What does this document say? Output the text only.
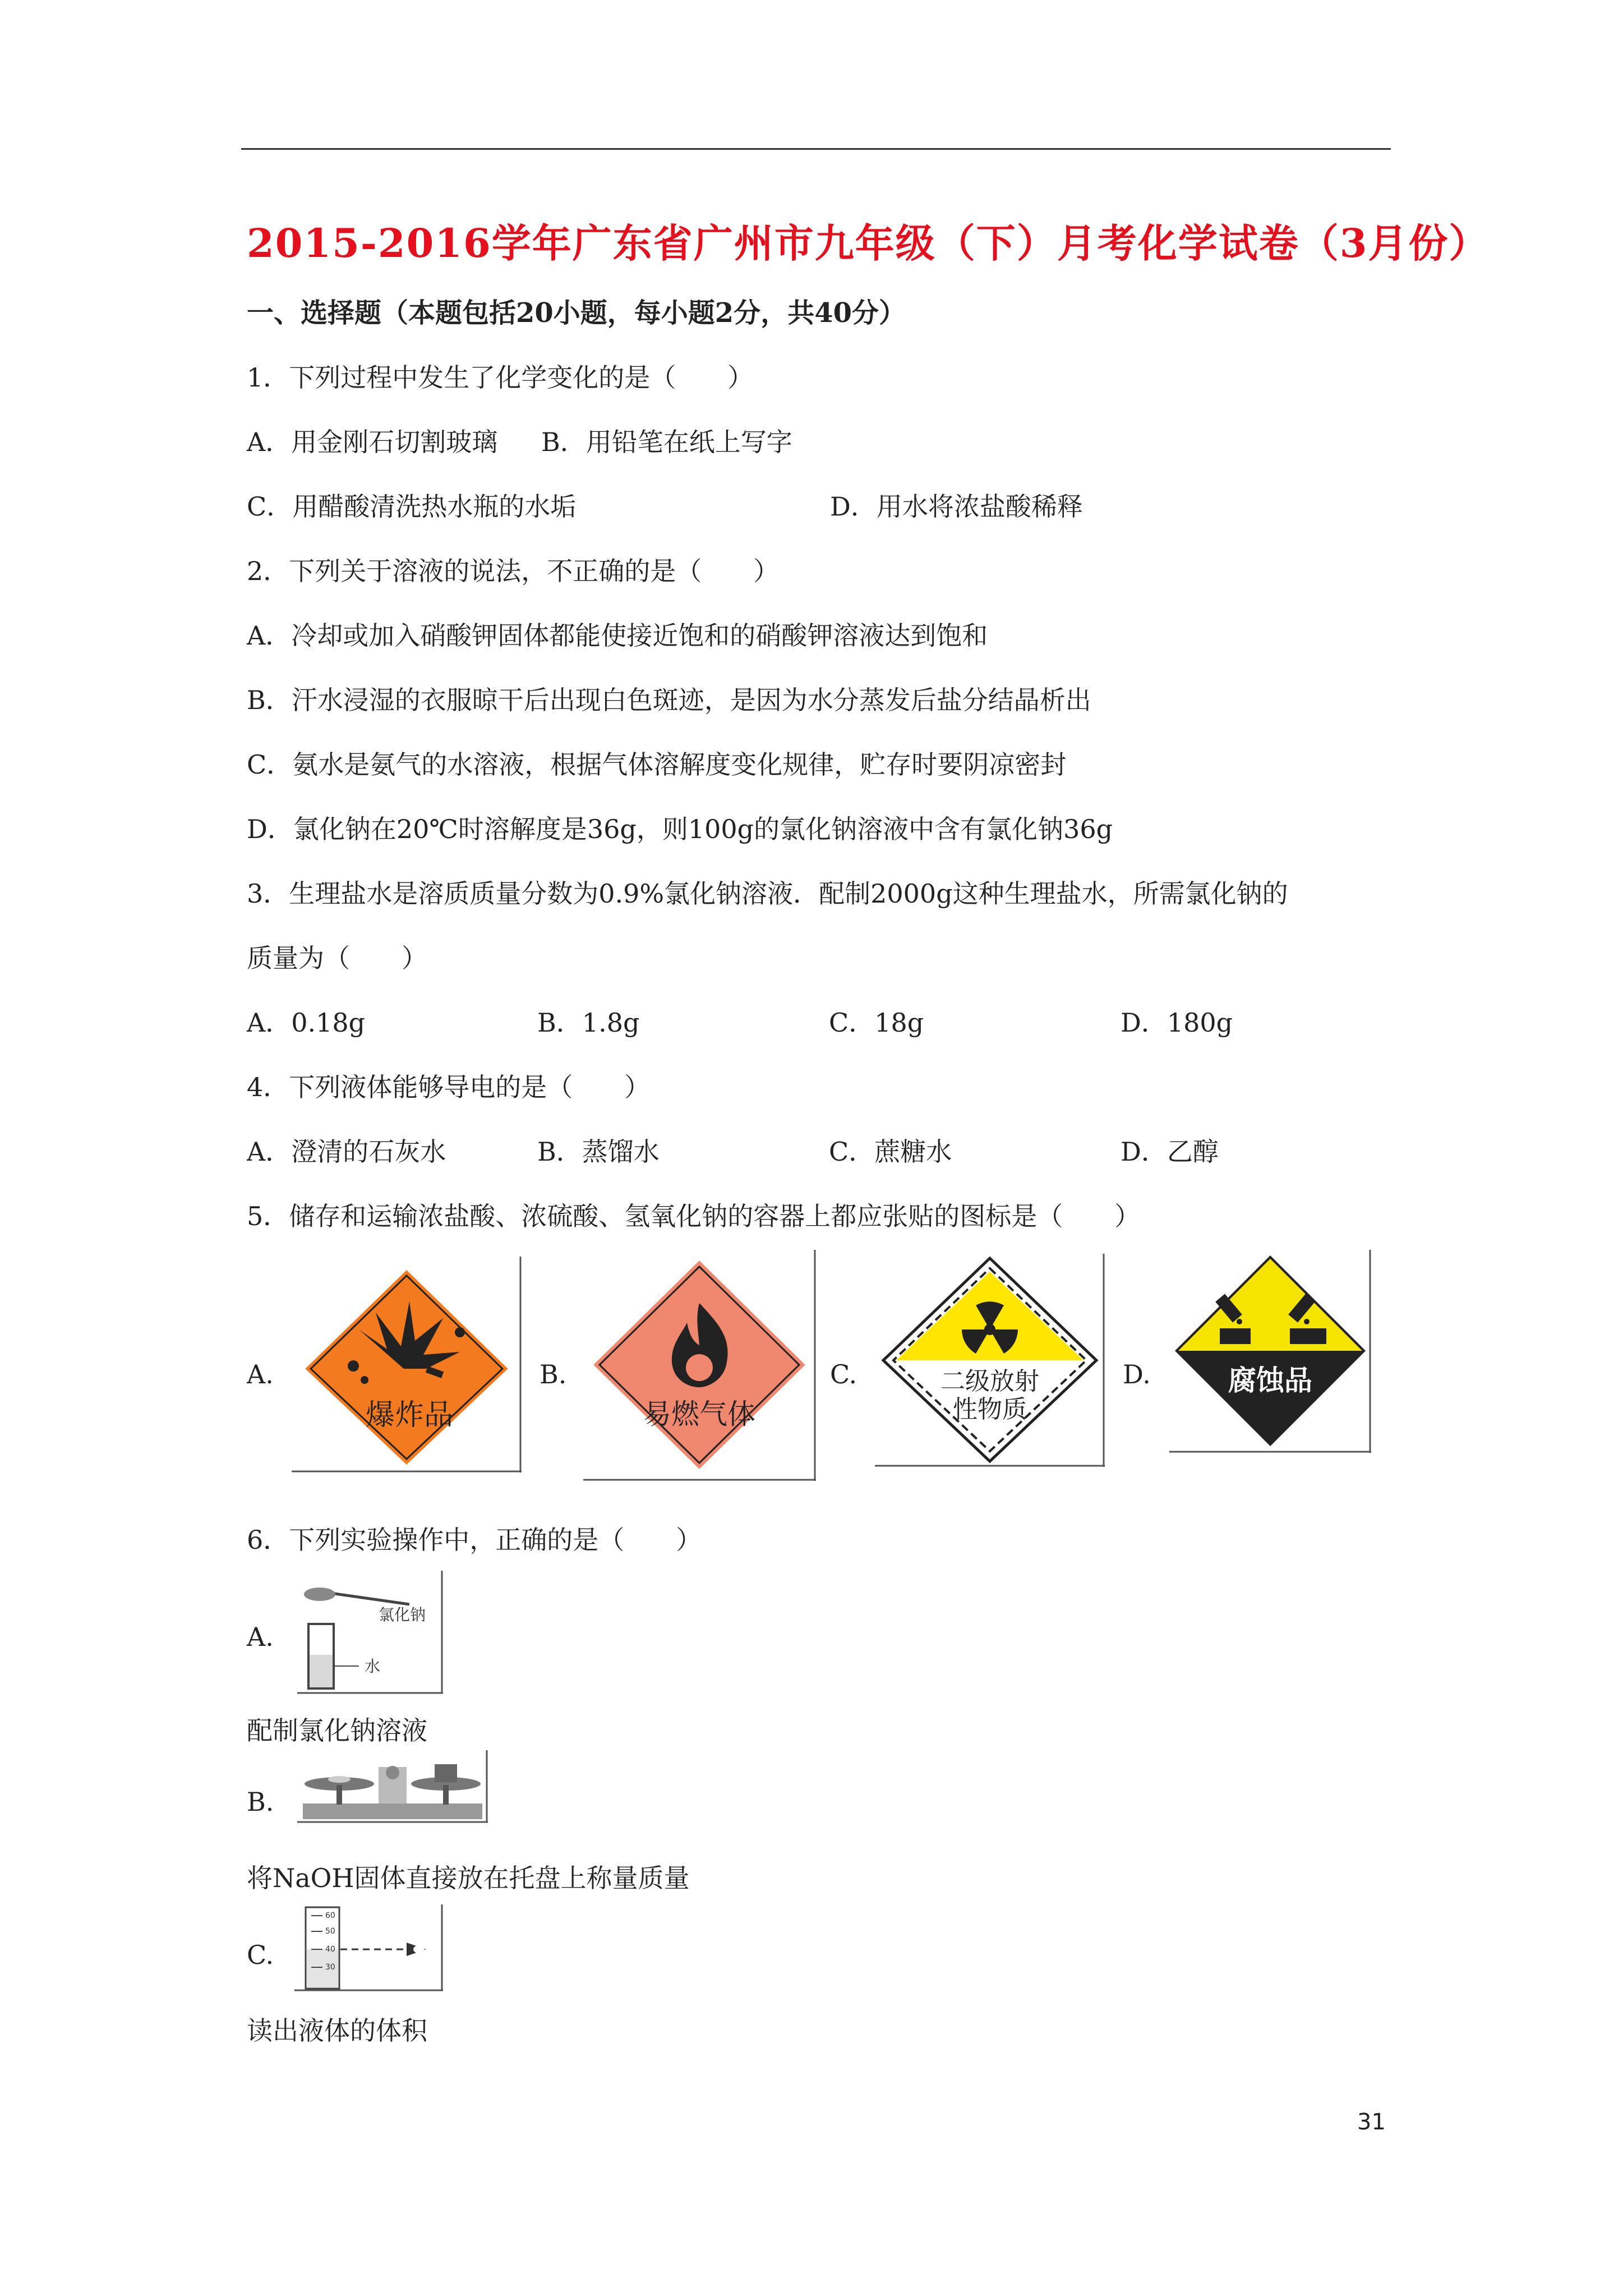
2015-2016学年广东省广州市九年级（下）月考化学试卷（3月份）
一、选择题（本题包括20小题，每小题2分，共40分）
1．下列过程中发生了化学变化的是（　　）
A．用金刚石切割玻璃 B．用铅笔在纸上写字
C．用醋酸清洗热水瓶的水垢	D．用水将浓盐酸稀释
2．下列关于溶液的说法，不正确的是（　　）
A．冷却或加入硝酸钾固体都能使接近饱和的硝酸钾溶液达到饱和
B．汗水浸湿的衣服晾干后出现白色斑迹，是因为水分蒸发后盐分结晶析出
C．氨水是氨气的水溶液，根据气体溶解度变化规律，贮存时要阴凉密封
D．氯化钠在20℃时溶解度是36g，则100g的氯化钠溶液中含有氯化钠36g
3．生理盐水是溶质质量分数为0.9%氯化钠溶液．配制2000g这种生理盐水，所需氯化钠的
质量为（　　）
A．0.18g	B．1.8g	C．18g	D．180g
4．下列液体能够导电的是（　　）
A．澄清的石灰水	B．蒸馏水	C．蔗糖水	D．乙醇
5．储存和运输浓盐酸、浓硫酸、氢氧化钠的容器上都应张贴的图标是（　　）
A.
爆炸品
B.
易燃气体
C.	二级放射
性物质
D.	腐蚀品
6．下列实验操作中，正确的是（　　）
A.
氯化钠
水
配制氯化钠溶液
B.
将NaOH固体直接放在托盘上称量质量
C.
60
50
40
30
读出液体的体积
31
